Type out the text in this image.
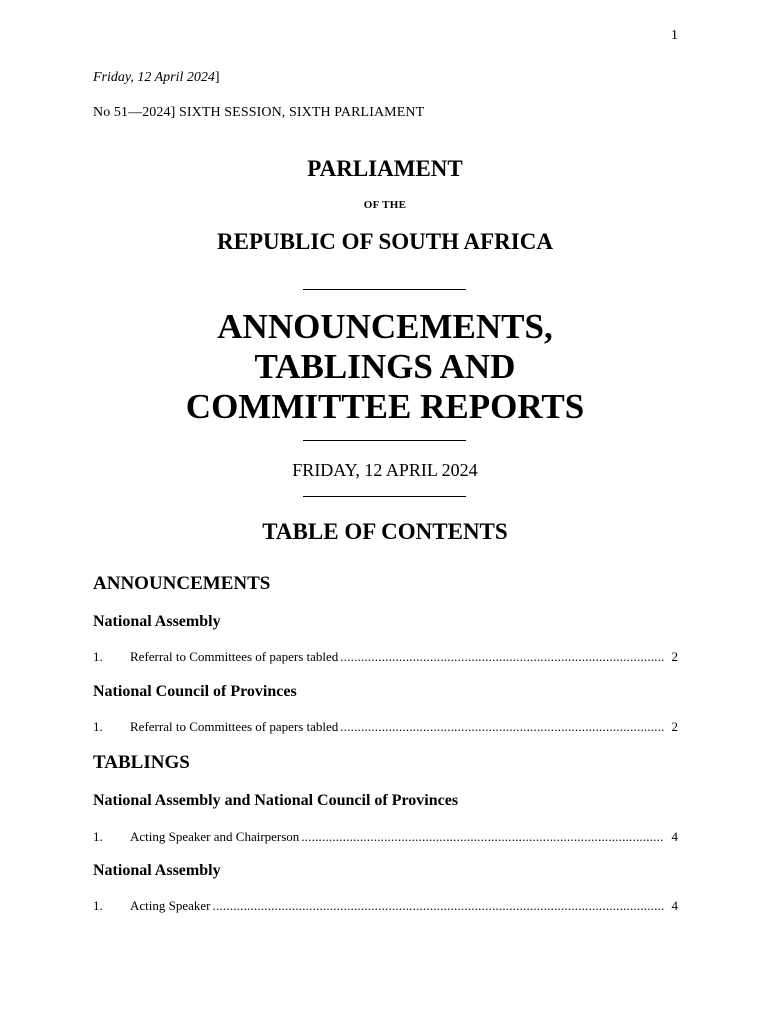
1
Friday, 12 April 2024]
No 51—2024] SIXTH SESSION, SIXTH PARLIAMENT
PARLIAMENT
OF THE
REPUBLIC OF SOUTH AFRICA
ANNOUNCEMENTS,
TABLINGS AND
COMMITTEE REPORTS
FRIDAY, 12 APRIL 2024
TABLE OF CONTENTS
ANNOUNCEMENTS
National Assembly
1.	Referral to Committees of papers tabled .....	2
National Council of Provinces
1.	Referral to Committees of papers tabled .....	2
TABLINGS
National Assembly and National Council of Provinces
1.	Acting Speaker and Chairperson .....	4
National Assembly
1.	Acting Speaker .....	4
